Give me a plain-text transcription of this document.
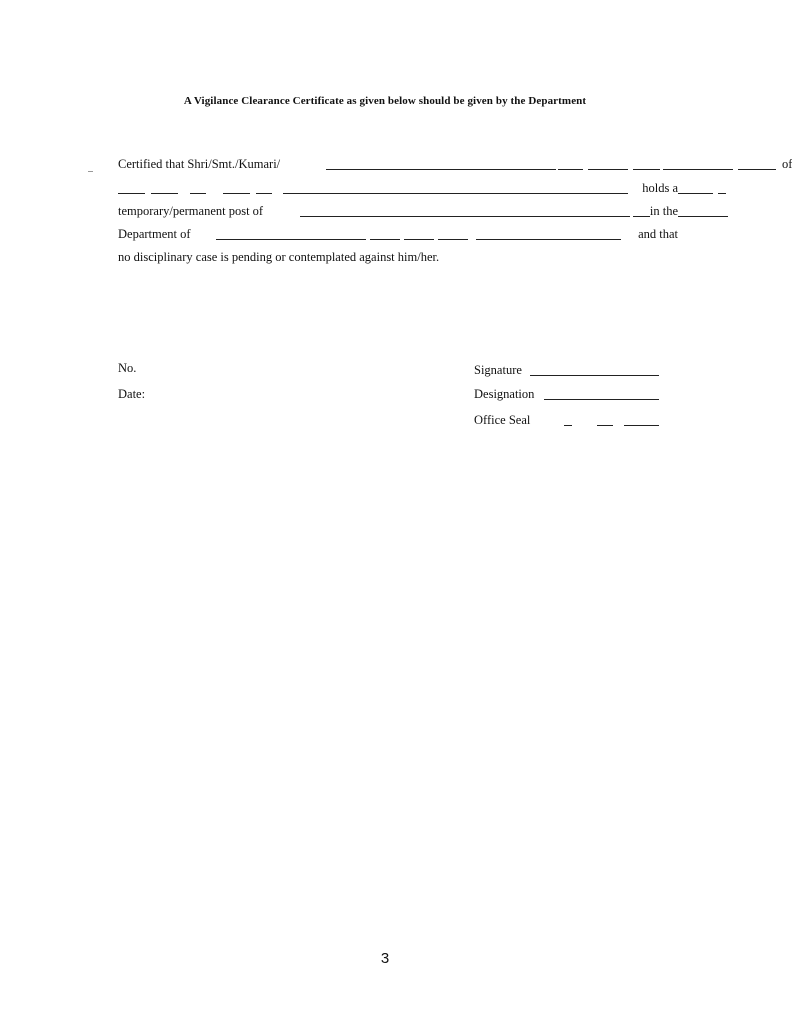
A Vigilance Clearance Certificate as given below should be given by the Department
Certified that Shri/Smt./Kumari/	of
holds a
temporary/permanent post of	in the
Department of	and that
no disciplinary case is pending or contemplated against him/her.
No.
Date:
Signature
Designation
Office Seal
3
